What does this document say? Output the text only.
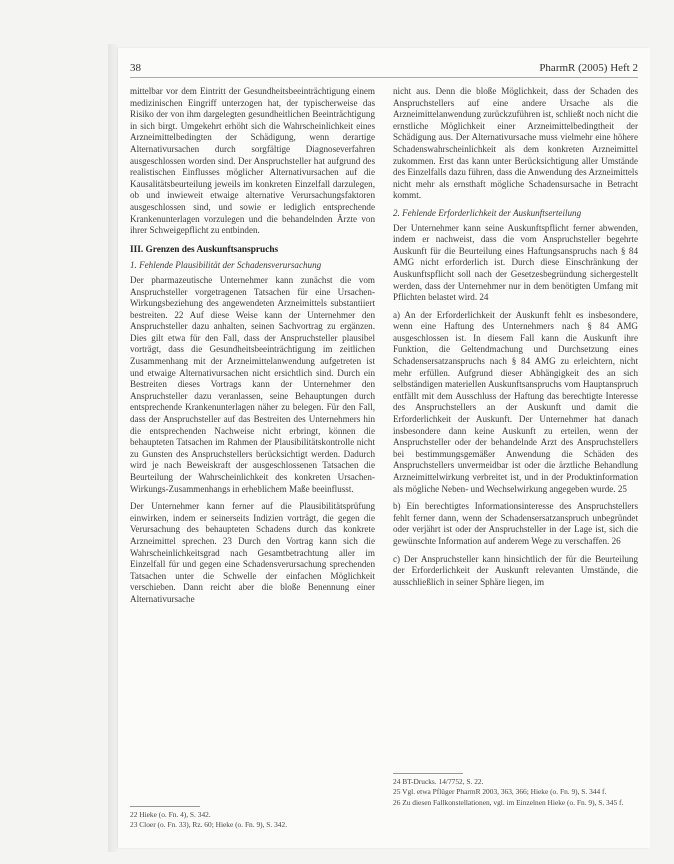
38	PharmR (2005) Heft 2

mittelbar vor dem Eintritt der Gesundheitsbeeinträchtigung einem medizinischen Eingriff unterzogen hat, der typischerweise das Risiko der von ihm dargelegten gesundheitlichen Beeinträchtigung in sich birgt. Umgekehrt erhöht sich die Wahrscheinlichkeit eines Arzneimittelbedingten der Schädigung, wenn derartige Alternativursachen durch sorgfältige Diagnoseverfahren ausgeschlossen worden sind. Der Anspruchsteller hat aufgrund des realistischen Einflusses möglicher Alternativursachen auf die Kausalitätsbeurteilung jeweils im konkreten Einzelfall darzulegen, ob und inwieweit etwaige alternative Verursachungsfaktoren ausgeschlossen sind, und sowie er lediglich entsprechende Krankenunterlagen vorzulegen und die behandelnden Ärzte von ihrer Schweigepflicht zu entbinden.

III. Grenzen des Auskunftsanspruchs
1. Fehlende Plausibilität der Schadensverursachung

Der pharmazeutische Unternehmer kann zunächst die vom Anspruchsteller vorgetragenen Tatsachen für eine Ursachen-Wirkungsbeziehung des angewendeten Arzneimittels substantiiert bestreiten. 22 Auf diese Weise kann der Unternehmer den Anspruchsteller dazu anhalten, seinen Sachvortrag zu ergänzen. Dies gilt etwa für den Fall, dass der Anspruchsteller plausibel vorträgt, dass die Gesundheitsbeeinträchtigung im zeitlichen Zusammenhang mit der Arzneimittelanwendung aufgetreten ist und etwaige Alternativursachen nicht ersichtlich sind. Durch ein Bestreiten dieses Vortrags kann der Unternehmer den Anspruchsteller dazu veranlassen, seine Behauptungen durch entsprechende Krankenunterlagen näher zu belegen. Für den Fall, dass der Anspruchsteller auf das Bestreiten des Unternehmers hin die entsprechenden Nachweise nicht erbringt, können die behaupteten Tatsachen im Rahmen der Plausibilitätskontrolle nicht zu Gunsten des Anspruchstellers berücksichtigt werden. Dadurch wird je nach Beweiskraft der ausgeschlossenen Tatsachen die Beurteilung der Wahrscheinlichkeit des konkreten Ursachen-Wirkungs-Zusammenhangs in erheblichem Maße beeinflusst.

Der Unternehmer kann ferner auf die Plausibilitätsprüfung einwirken, indem er seinerseits Indizien vorträgt, die gegen die Verursachung des behaupteten Schadens durch das konkrete Arzneimittel sprechen. 23 Durch den Vortrag kann sich die Wahrscheinlichkeitsgrad nach Gesamtbetrachtung aller im Einzelfall für und gegen eine Schadensverursachung sprechenden Tatsachen unter die Schwelle der einfachen Möglichkeit verschieben. Dann reicht aber die bloße Benennung einer Alternativursache

22 Hieke (o. Fn. 4), S. 342.
23 Cloer (o. Fn. 33), Rz. 60; Hieke (o. Fn. 9), S. 342.

nicht aus. Denn die bloße Möglichkeit, dass der Schaden des Anspruchstellers auf eine andere Ursache als die Arzneimittelanwendung zurückzuführen ist, schließt noch nicht die ernstliche Möglichkeit einer Arzneimittelbedingtheit der Schädigung aus. Der Alternativursache muss vielmehr eine höhere Schadenswahrscheinlichkeit als dem konkreten Arzneimittel zukommen. Erst das kann unter Berücksichtigung aller Umstände des Einzelfalls dazu führen, dass die Anwendung des Arzneimittels nicht mehr als ernsthaft mögliche Schadensursache in Betracht kommt.

2. Fehlende Erforderlichkeit der Auskunftserteilung

Der Unternehmer kann seine Auskunftspflicht ferner abwenden, indem er nachweist, dass die vom Anspruchsteller begehrte Auskunft für die Beurteilung eines Haftungsanspruchs nach § 84 AMG nicht erforderlich ist. Durch diese Einschränkung der Auskunftspflicht soll nach der Gesetzesbegründung sichergestellt werden, dass der Unternehmer nur in dem benötigten Umfang mit Pflichten belastet wird. 24

a) An der Erforderlichkeit der Auskunft fehlt es insbesondere, wenn eine Haftung des Unternehmers nach § 84 AMG ausgeschlossen ist. In diesem Fall kann die Auskunft ihre Funktion, die Geltendmachung und Durchsetzung eines Schadensersatzanspruchs nach § 84 AMG zu erleichtern, nicht mehr erfüllen. Aufgrund dieser Abhängigkeit des an sich selbständigen materiellen Auskunftsanspruchs vom Hauptanspruch entfällt mit dem Ausschluss der Haftung das berechtigte Interesse des Anspruchstellers an der Auskunft und damit die Erforderlichkeit der Auskunft. Der Unternehmer hat danach insbesondere dann keine Auskunft zu erteilen, wenn der Anspruchsteller oder der behandelnde Arzt des Anspruchstellers bei bestimmungsgemäßer Anwendung die Schäden des Anspruchstellers unvermeidbar ist oder die ärztliche Behandlung Arzneimittelwirkung verbreitet ist, und in der Produktinformation als mögliche Neben- und Wechselwirkung angegeben wurde. 25

b) Ein berechtigtes Informationsinteresse des Anspruchstellers fehlt ferner dann, wenn der Schadensersatzanspruch unbegründet oder verjährt ist oder der Anspruchsteller in der Lage ist, sich die gewünschte Information auf anderem Wege zu verschaffen. 26

c) Der Anspruchsteller kann hinsichtlich der für die Beurteilung der Erforderlichkeit der Auskunft relevanten Umstände, die ausschließlich in seiner Sphäre liegen, im

24 BT-Drucks. 14/7752, S. 22.
25 Vgl. etwa Pflüger PharmR 2003, 363, 366; Hieke (o. Fn. 9), S. 344 f.
26 Zu diesen Fallkonstellationen, vgl. im Einzelnen Hieke (o. Fn. 9), S. 345 f.
